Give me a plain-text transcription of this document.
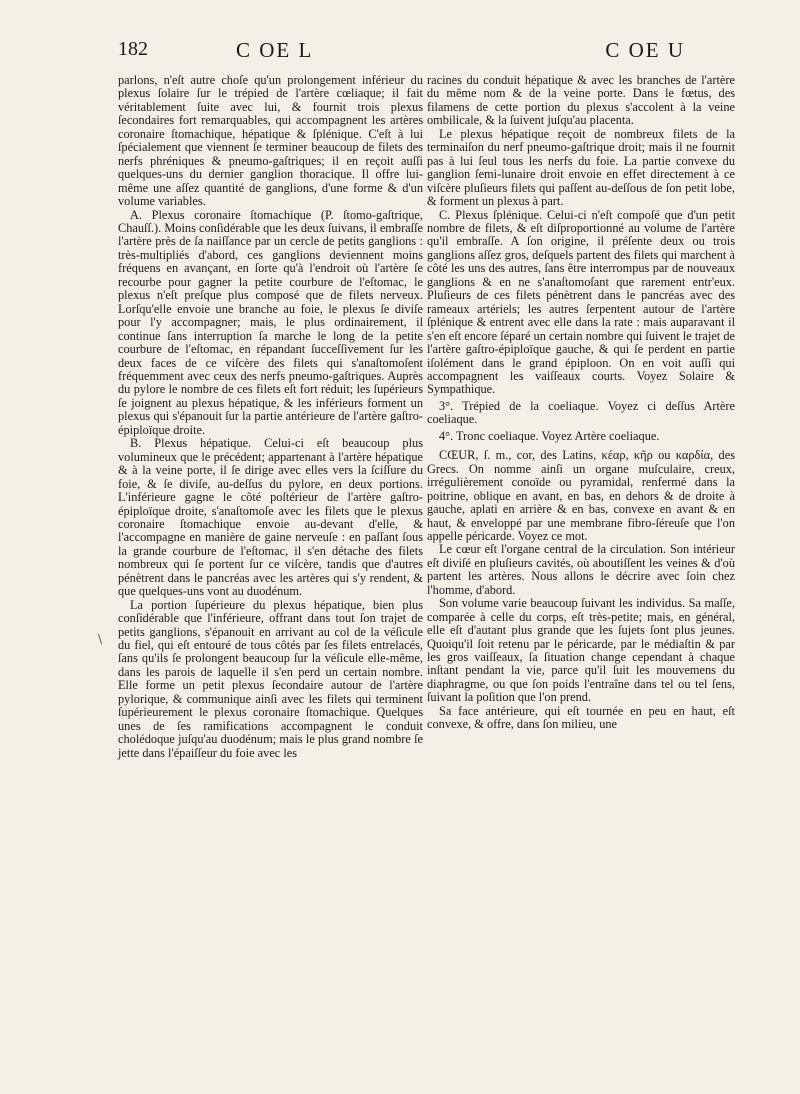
182	C OE L	C OE U

parlons, n'eſt autre choſe qu'un prolongement inférieur du plexus ſolaire ſur le trépied de l'artère cœliaque; il fait véritablement ſuite avec lui, & fournit trois plexus ſecondaires fort remarquables, qui accompagnent les artères coronaire ſtomachique, hépatique & ſplénique. C'eſt à lui ſpécialement que viennent ſe terminer beaucoup de filets des nerfs phréniques & pneumo-gaſtriques; il en reçoit auſſi quelques-uns du dernier ganglion thoracique. Il offre lui-même une aſſez quantité de ganglions, d'une forme & d'un volume variables.

A. Plexus coronaire ſtomachique (P. ſtomo-gaſtrique, Chauſſ.). Moins conſidérable que les deux ſuivans, il embraſſe l'artère près de ſa naiſſance par un cercle de petits ganglions : très-multipliés d'abord, ces ganglions deviennent moins fréquens en avançant, en ſorte qu'à l'endroit où l'artère ſe recourbe pour gagner la petite courbure de l'eſtomac, le plexus n'eſt preſque plus composé que de filets nerveux. Lorſqu'elle envoie une branche au foie, le plexus ſe diviſe pour l'y accompagner; mais, le plus ordinairement, il continue ſans interruption ſa marche le long de la petite courbure de l'eſtomac, en répandant ſucceſſivement ſur les deux faces de ce viſcère des filets qui s'anaſtomoſent fréquemment avec ceux des nerfs pneumo-gaſtriques. Auprès du pylore le nombre de ces filets eſt fort réduit; les ſupérieurs ſe joignent au plexus hépatique, & les inférieurs forment un plexus qui s'épanouit ſur la partie antérieure de l'artère gaſtro-épiploïque droite.

B. Plexus hépatique. Celui-ci eſt beaucoup plus volumineux que le précédent; appartenant à l'artère hépatique & à la veine porte, il ſe dirige avec elles vers la ſciſſure du foie, & ſe diviſe, au-deſſus du pylore, en deux portions. L'inférieure gagne le côté poſtérieur de l'artère gaſtro-épiploïque droite, s'anaſtomoſe avec les filets que le plexus coronaire ſtomachique envoie au-devant d'elle, & l'accompagne en manière de gaine nerveuſe : en paſſant ſous la grande courbure de l'eſtomac, il s'en détache des filets nombreux qui ſe portent ſur ce viſcère, tandis que d'autres pénètrent dans le pancréas avec les artères qui s'y rendent, & que quelques-uns vont au duodénum.

La portion ſupérieure du plexus hépatique, bien plus conſidérable que l'inférieure, offrant dans tout ſon trajet de petits ganglions, s'épanouit en arrivant au col de la véſicule du fiel, qui eſt entouré de tous côtés par ſes filets entrelacés, ſans qu'ils ſe prolongent beaucoup ſur la véſicule elle-même, dans les parois de laquelle il s'en perd un certain nombre. Elle forme un petit plexus ſecondaire autour de l'artère pylorique, & communique ainſi avec les filets qui terminent ſupérieurement le plexus coronaire ſtomachique. Quelques unes de ſes ramifications accompagnent le conduit cholédoque juſqu'au duodénum; mais le plus grand nombre ſe jette dans l'épaiſſeur du foie avec les

racines du conduit hépatique & avec les branches de l'artère du même nom & de la veine porte. Dans le fœtus, des filamens de cette portion du plexus s'accolent à la veine ombilicale, & la ſuivent juſqu'au placenta.

Le plexus hépatique reçoit de nombreux filets de la terminaiſon du nerf pneumo-gaſtrique droit; mais il ne fournit pas à lui ſeul tous les nerfs du foie. La partie convexe du ganglion ſemi-lunaire droit envoie en effet directement à ce viſcère pluſieurs filets qui paſſent au-deſſous de ſon petit lobe, & forment un plexus à part.

C. Plexus ſplénique. Celui-ci n'eſt compoſé que d'un petit nombre de filets, & eſt diſproportionné au volume de l'artère qu'il embraſſe. A ſon origine, il préſente deux ou trois ganglions aſſez gros, deſquels partent des filets qui marchent à côté les uns des autres, ſans être interrompus par de nouveaux ganglions & en ne s'anaſtomoſant que rarement entr'eux. Pluſieurs de ces filets pénètrent dans le pancréas avec des rameaux artériels; les autres ſerpentent autour de l'artère ſplénique & entrent avec elle dans la rate : mais auparavant il s'en eſt encore ſéparé un certain nombre qui ſuivent le trajet de l'artère gaſtro-épiploïque gauche, & qui ſe perdent en partie iſolément dans le grand épiploon. On en voit auſſi qui accompagnent les vaiſſeaux courts. Voyez Solaire & Sympathique.

3°. Trépied de la coeliaque. Voyez ci deſſus Artère coeliaque.

4°. Tronc coeliaque. Voyez Artère coeliaque.

CŒUR, ſ. m., cor, des Latins, κέαρ, κῆρ ou καρδία, des Grecs. On nomme ainſi un organe muſculaire, creux, irrégulièrement conoïde ou pyramidal, renfermé dans la poitrine, oblique en avant, en bas, en dehors & de droite à gauche, aplati en arrière & en bas, convexe en avant & en haut, & enveloppé par une membrane fibro-ſéreuſe que l'on appelle péricarde. Voyez ce mot.

Le cœur eſt l'organe central de la circulation. Son intérieur eſt diviſé en pluſieurs cavités, où aboutiſſent les veines & d'où partent les artères. Nous allons le décrire avec ſoin chez l'homme, d'abord.

Son volume varie beaucoup ſuivant les individus. Sa maſſe, comparée à celle du corps, eſt très-petite; mais, en général, elle eſt d'autant plus grande que les ſujets ſont plus jeunes. Quoiqu'il ſoit retenu par le péricarde, par le médiaſtin & par les gros vaiſſeaux, ſa ſituation change cependant à chaque inſtant pendant la vie, parce qu'il ſuit les mouvemens du diaphragme, ou que ſon poids l'entraîne dans tel ou tel ſens, ſuivant la poſition que l'on prend.

Sa face antérieure, qui eſt tournée en peu en haut, eſt convexe, & offre, dans ſon milieu, une

\
